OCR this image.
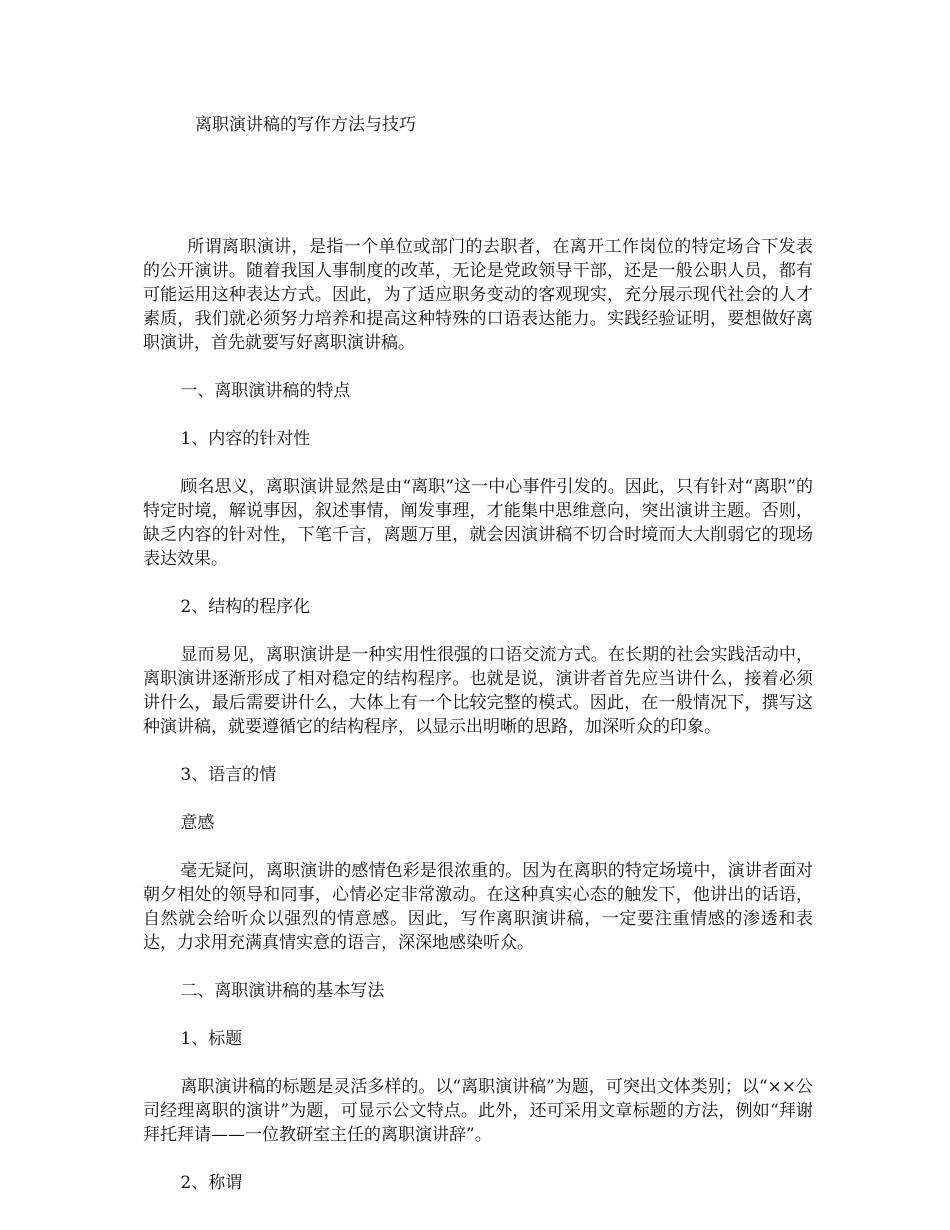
离职演讲稿的写作方法与技巧

所谓离职演讲，是指一个单位或部门的去职者，在离开工作岗位的特定场合下发表的公开演讲。随着我国人事制度的改革，无论是党政领导干部，还是一般公职人员，都有可能运用这种表达方式。因此，为了适应职务变动的客观现实，充分展示现代社会的人才素质，我们就必须努力培养和提高这种特殊的口语表达能力。实践经验证明，要想做好离职演讲，首先就要写好离职演讲稿。

一、离职演讲稿的特点

1、内容的针对性

顾名思义，离职演讲显然是由“离职”这一中心事件引发的。因此，只有针对“离职”的特定时境，解说事因，叙述事情，阐发事理，才能集中思维意向，突出演讲主题。否则，缺乏内容的针对性，下笔千言，离题万里，就会因演讲稿不切合时境而大大削弱它的现场表达效果。

2、结构的程序化

显而易见，离职演讲是一种实用性很强的口语交流方式。在长期的社会实践活动中，离职演讲逐渐形成了相对稳定的结构程序。也就是说，演讲者首先应当讲什么，接着必须讲什么，最后需要讲什么，大体上有一个比较完整的模式。因此，在一般情况下，撰写这种演讲稿，就要遵循它的结构程序，以显示出明晰的思路，加深听众的印象。

3、语言的情

意感

毫无疑问，离职演讲的感情色彩是很浓重的。因为在离职的特定场境中，演讲者面对朝夕相处的领导和同事，心情必定非常激动。在这种真实心态的触发下，他讲出的话语，自然就会给听众以强烈的情意感。因此，写作离职演讲稿，一定要注重情感的渗透和表达，力求用充满真情实意的语言，深深地感染听众。

二、离职演讲稿的基本写法

1、标题

离职演讲稿的标题是灵活多样的。以“离职演讲稿”为题，可突出文体类别；以“××公司经理离职的演讲”为题，可显示公文特点。此外，还可采用文章标题的方法，例如“拜谢拜托拜请——一位教研室主任的离职演讲辞”。

2、称谓
